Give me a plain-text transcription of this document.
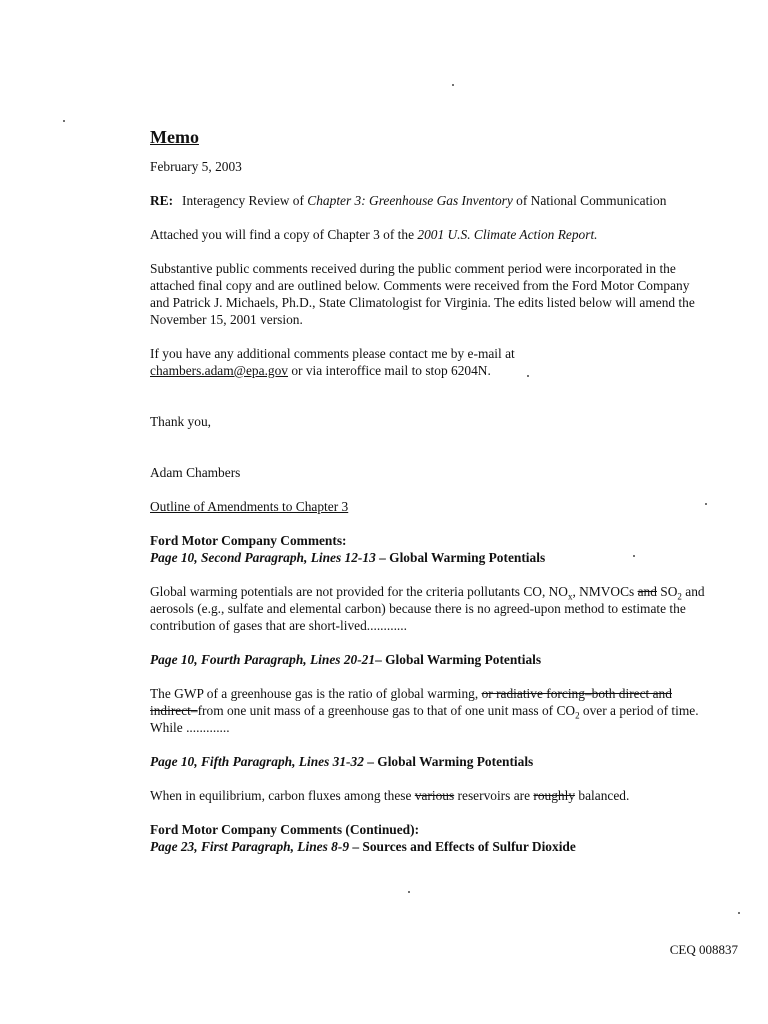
Memo

February 5, 2003

RE: Interagency Review of Chapter 3: Greenhouse Gas Inventory of National Communication

Attached you will find a copy of Chapter 3 of the 2001 U.S. Climate Action Report.

Substantive public comments received during the public comment period were incorporated in the attached final copy and are outlined below. Comments were received from the Ford Motor Company and Patrick J. Michaels, Ph.D., State Climatologist for Virginia. The edits listed below will amend the November 15, 2001 version.

If you have any additional comments please contact me by e-mail at
chambers.adam@epa.gov or via interoffice mail to stop 6204N.

Thank you,

Adam Chambers

Outline of Amendments to Chapter 3

Ford Motor Company Comments:

Page 10, Second Paragraph, Lines 12-13 – Global Warming Potentials

Global warming potentials are not provided for the criteria pollutants CO, $NO_x$, NMVOCs and $SO_2$ and aerosols (e.g., sulfate and elemental carbon) because there is no agreed-upon method to estimate the contribution of gases that are short-lived............

Page 10, Fourth Paragraph, Lines 20-21– Global Warming Potentials

The GWP of a greenhouse gas is the ratio of global warming, or radiative forcing–both direct and indirect–from one unit mass of a greenhouse gas to that of one unit mass of $CO_2$ over a period of time. While .............

Page 10, Fifth Paragraph, Lines 31-32 – Global Warming Potentials

When in equilibrium, carbon fluxes among these various reservoirs are roughly balanced.

Ford Motor Company Comments (Continued):

Page 23, First Paragraph, Lines 8-9 – Sources and Effects of Sulfur Dioxide

CEQ 008837
